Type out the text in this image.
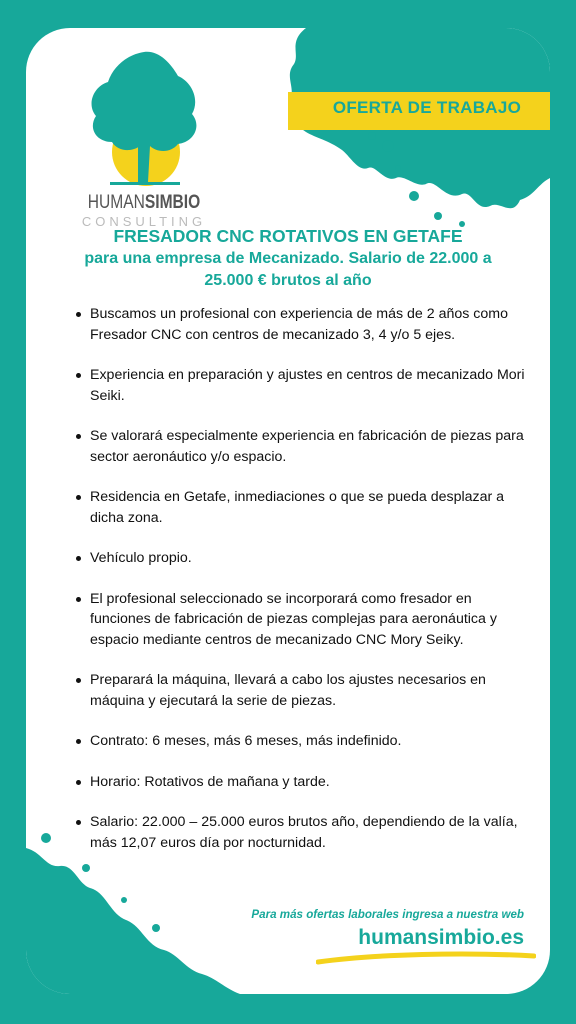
HUMANSIMBIO
CONSULTING
OFERTA DE TRABAJO
FRESADOR CNC ROTATIVOS EN GETAFE
para una empresa de Mecanizado. Salario de 22.000 a 25.000 € brutos al año
Buscamos un profesional con experiencia de más de 2 años como Fresador CNC con centros de mecanizado 3, 4 y/o 5 ejes.
Experiencia en preparación y ajustes en centros de mecanizado Mori Seiki.
Se valorará especialmente experiencia en fabricación de piezas para sector aeronáutico y/o espacio.
Residencia en Getafe, inmediaciones o que se pueda desplazar a dicha zona.
Vehículo propio.
El profesional seleccionado se incorporará como fresador en funciones de fabricación de piezas complejas para aeronáutica y espacio mediante centros de mecanizado CNC Mory Seiky.
Preparará la máquina, llevará a cabo los ajustes necesarios en máquina y ejecutará la serie de piezas.
Contrato: 6 meses, más 6 meses, más indefinido.
Horario: Rotativos de mañana y tarde.
Salario: 22.000 – 25.000 euros brutos año, dependiendo de la valía, más 12,07 euros día por nocturnidad.
Para más ofertas laborales ingresa a nuestra web
humansimbio.es
